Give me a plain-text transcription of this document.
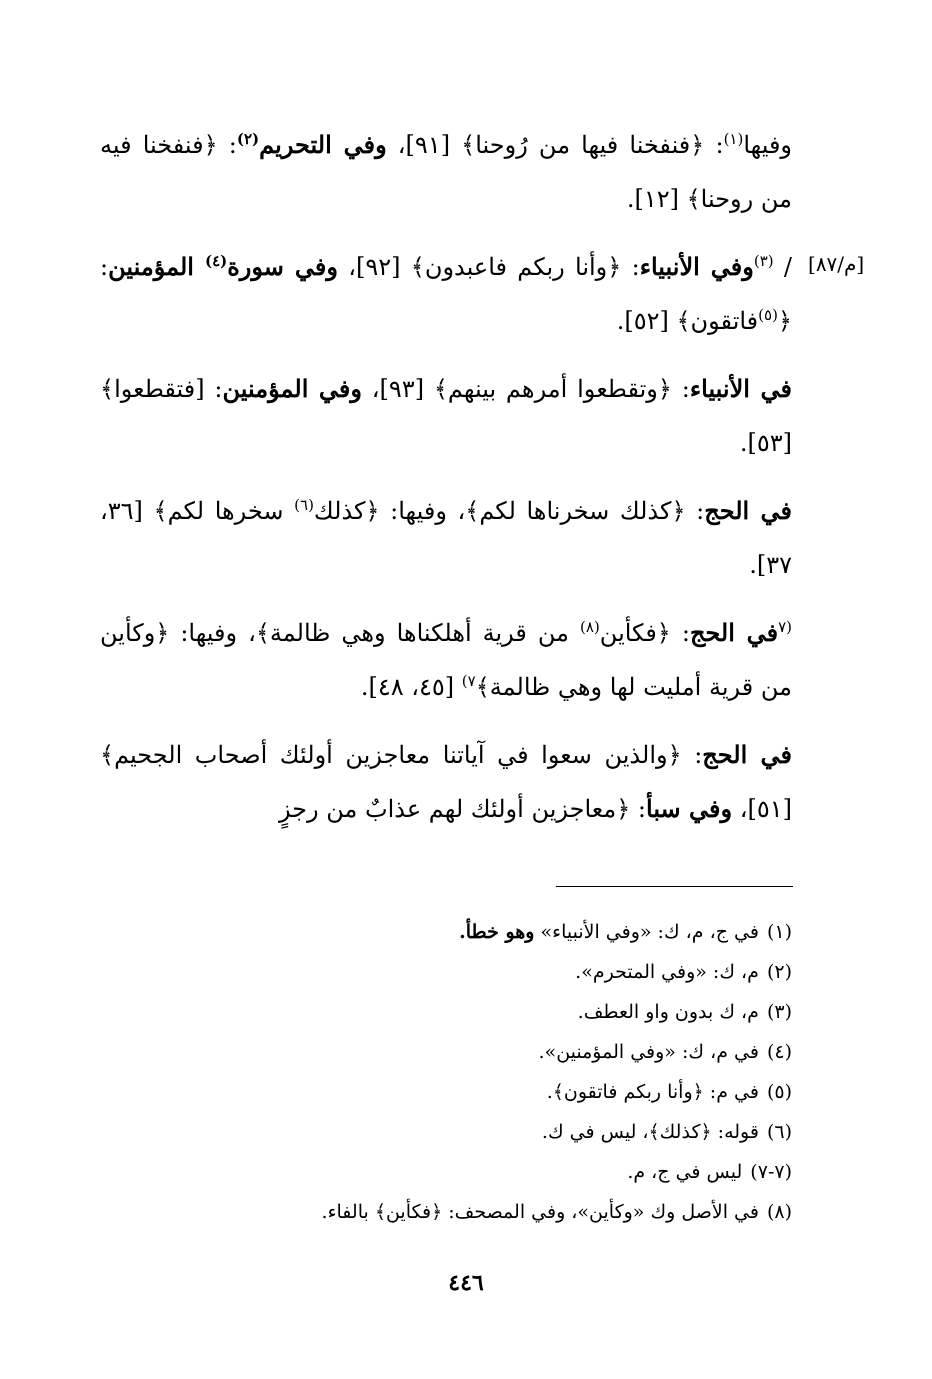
[م/٨٧]

وفيها$^{(١)}$: ﴿فنفخنا فيها من رُوحنا﴾ [٩١]، وفي التحريم$^{(٢)}$: ﴿فنفخنا فيه من روحنا﴾ [١٢].

/ $^{(٣)}$وفي الأنبياء: ﴿وأنا ربكم فاعبدون﴾ [٩٢]، وفي سورة$^{(٤)}$ المؤمنين: ﴿$^{(٥)}$فاتقون﴾ [٥٢].

في الأنبياء: ﴿وتقطعوا أمرهم بينهم﴾ [٩٣]، وفي المؤمنين: [فتقطعوا﴾ [٥٣].

في الحج: ﴿كذلك سخرناها لكم﴾، وفيها: ﴿كذلك$^{(٦)}$ سخرها لكم﴾ [٣٦، ٣٧].

$^{(٧}$في الحج: ﴿فكأين$^{(٨)}$ من قرية أهلكناها وهي ظالمة﴾، وفيها: ﴿وكأين من قرية أمليت لها وهي ظالمة﴾$^{٧)}$ [٤٥، ٤٨].

في الحج: ﴿والذين سعوا في آياتنا معاجزين أولئك أصحاب الجحيم﴾ [٥١]، وفي سبأ: ﴿معاجزين أولئك لهم عذابٌ من رجزٍ

(١)في ج، م، ك: «وفي الأنبياء» وهو خطأ.

(٢)م، ك: «وفي المتحرم».

(٣)م، ك بدون واو العطف.

(٤)في م، ك: «وفي المؤمنين».

(٥)في م: ﴿وأنا ربكم فاتقون﴾.

(٦)قوله: ﴿كذلك﴾، ليس في ك.

(٧-٧)ليس في ج، م.

(٨)في الأصل وك «وكأين»، وفي المصحف: ﴿فكأين﴾ بالفاء.

٤٤٦
